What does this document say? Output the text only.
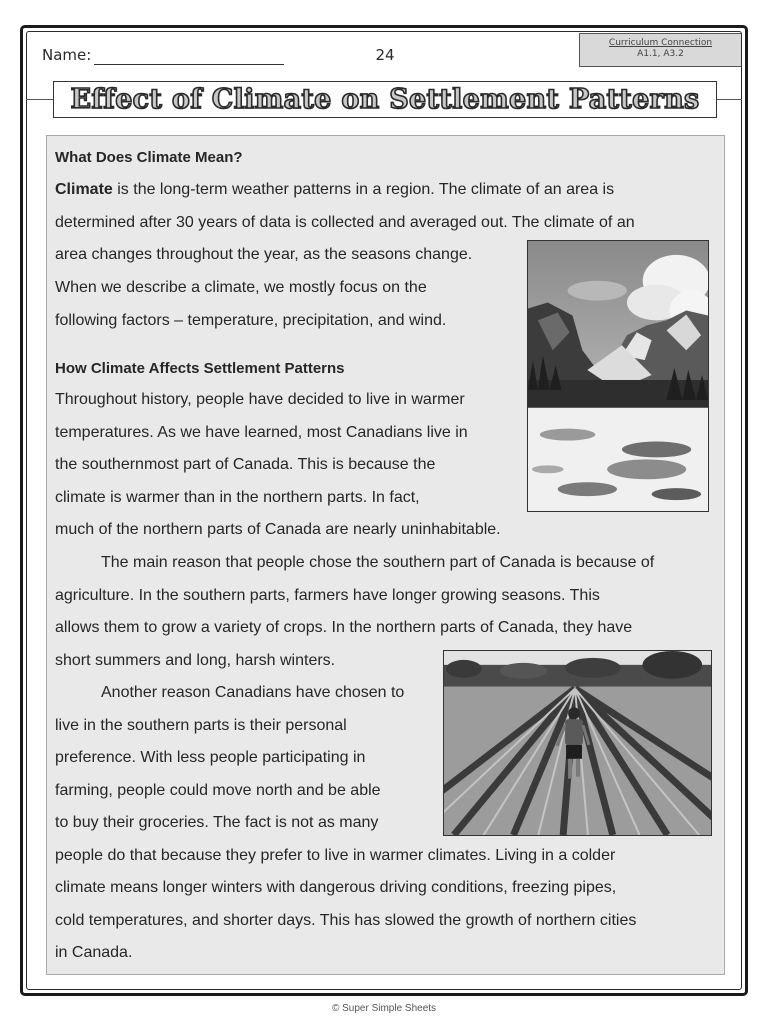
Name:	24
Curriculum Connection
A1.1, A3.2
Effect of Climate on Settlement Patterns
What Does Climate Mean?
Climate is the long-term weather patterns in a region. The climate of an area is
determined after 30 years of data is collected and averaged out. The climate of an
area changes throughout the year, as the seasons change.
When we describe a climate, we mostly focus on the
following factors – temperature, precipitation, and wind.
How Climate Affects Settlement Patterns
Throughout history, people have decided to live in warmer
temperatures. As we have learned, most Canadians live in
the southernmost part of Canada. This is because the
climate is warmer than in the northern parts. In fact,
much of the northern parts of Canada are nearly uninhabitable.
The main reason that people chose the southern part of Canada is because of
agriculture. In the southern parts, farmers have longer growing seasons. This
allows them to grow a variety of crops. In the northern parts of Canada, they have
short summers and long, harsh winters.
Another reason Canadians have chosen to
live in the southern parts is their personal
preference. With less people participating in
farming, people could move north and be able
to buy their groceries. The fact is not as many
people do that because they prefer to live in warmer climates. Living in a colder
climate means longer winters with dangerous driving conditions, freezing pipes,
cold temperatures, and shorter days. This has slowed the growth of northern cities
in Canada.
© Super Simple Sheets
